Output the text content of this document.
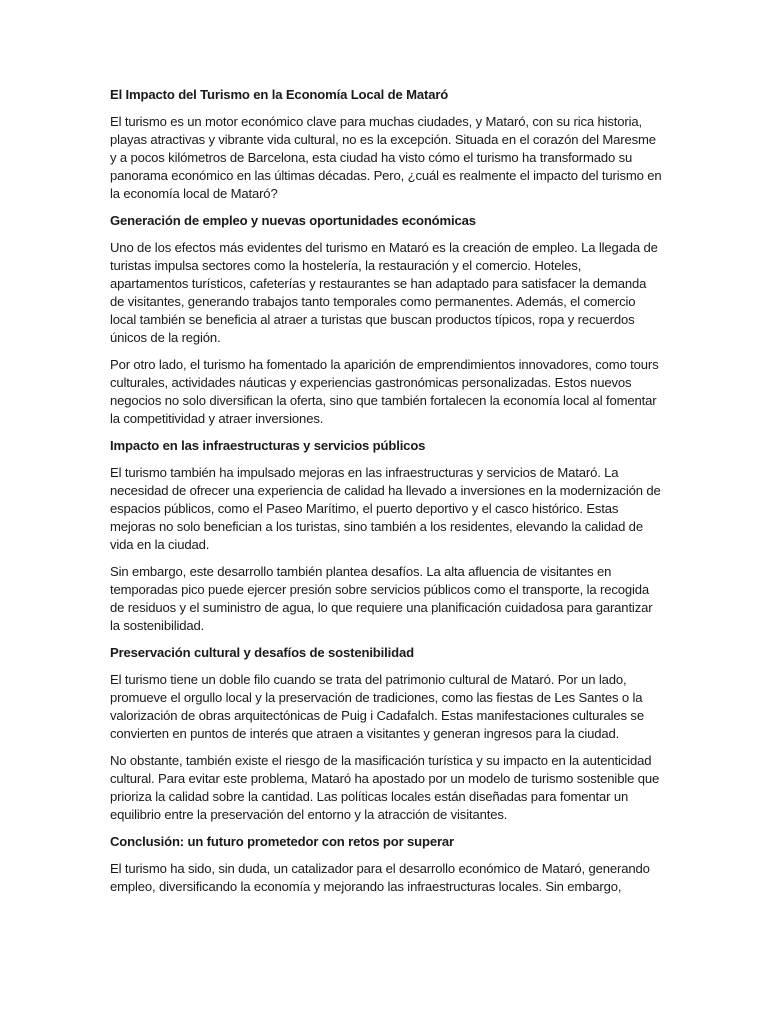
El Impacto del Turismo en la Economía Local de Mataró

El turismo es un motor económico clave para muchas ciudades, y Mataró, con su rica historia, playas atractivas y vibrante vida cultural, no es la excepción. Situada en el corazón del Maresme y a pocos kilómetros de Barcelona, esta ciudad ha visto cómo el turismo ha transformado su panorama económico en las últimas décadas. Pero, ¿cuál es realmente el impacto del turismo en la economía local de Mataró?

Generación de empleo y nuevas oportunidades económicas

Uno de los efectos más evidentes del turismo en Mataró es la creación de empleo. La llegada de turistas impulsa sectores como la hostelería, la restauración y el comercio. Hoteles, apartamentos turísticos, cafeterías y restaurantes se han adaptado para satisfacer la demanda de visitantes, generando trabajos tanto temporales como permanentes. Además, el comercio local también se beneficia al atraer a turistas que buscan productos típicos, ropa y recuerdos únicos de la región.

Por otro lado, el turismo ha fomentado la aparición de emprendimientos innovadores, como tours culturales, actividades náuticas y experiencias gastronómicas personalizadas. Estos nuevos negocios no solo diversifican la oferta, sino que también fortalecen la economía local al fomentar la competitividad y atraer inversiones.

Impacto en las infraestructuras y servicios públicos

El turismo también ha impulsado mejoras en las infraestructuras y servicios de Mataró. La necesidad de ofrecer una experiencia de calidad ha llevado a inversiones en la modernización de espacios públicos, como el Paseo Marítimo, el puerto deportivo y el casco histórico. Estas mejoras no solo benefician a los turistas, sino también a los residentes, elevando la calidad de vida en la ciudad.

Sin embargo, este desarrollo también plantea desafíos. La alta afluencia de visitantes en temporadas pico puede ejercer presión sobre servicios públicos como el transporte, la recogida de residuos y el suministro de agua, lo que requiere una planificación cuidadosa para garantizar la sostenibilidad.

Preservación cultural y desafíos de sostenibilidad

El turismo tiene un doble filo cuando se trata del patrimonio cultural de Mataró. Por un lado, promueve el orgullo local y la preservación de tradiciones, como las fiestas de Les Santes o la valorización de obras arquitectónicas de Puig i Cadafalch. Estas manifestaciones culturales se convierten en puntos de interés que atraen a visitantes y generan ingresos para la ciudad.

No obstante, también existe el riesgo de la masificación turística y su impacto en la autenticidad cultural. Para evitar este problema, Mataró ha apostado por un modelo de turismo sostenible que prioriza la calidad sobre la cantidad. Las políticas locales están diseñadas para fomentar un equilibrio entre la preservación del entorno y la atracción de visitantes.

Conclusión: un futuro prometedor con retos por superar

El turismo ha sido, sin duda, un catalizador para el desarrollo económico de Mataró, generando empleo, diversificando la economía y mejorando las infraestructuras locales. Sin embargo,
